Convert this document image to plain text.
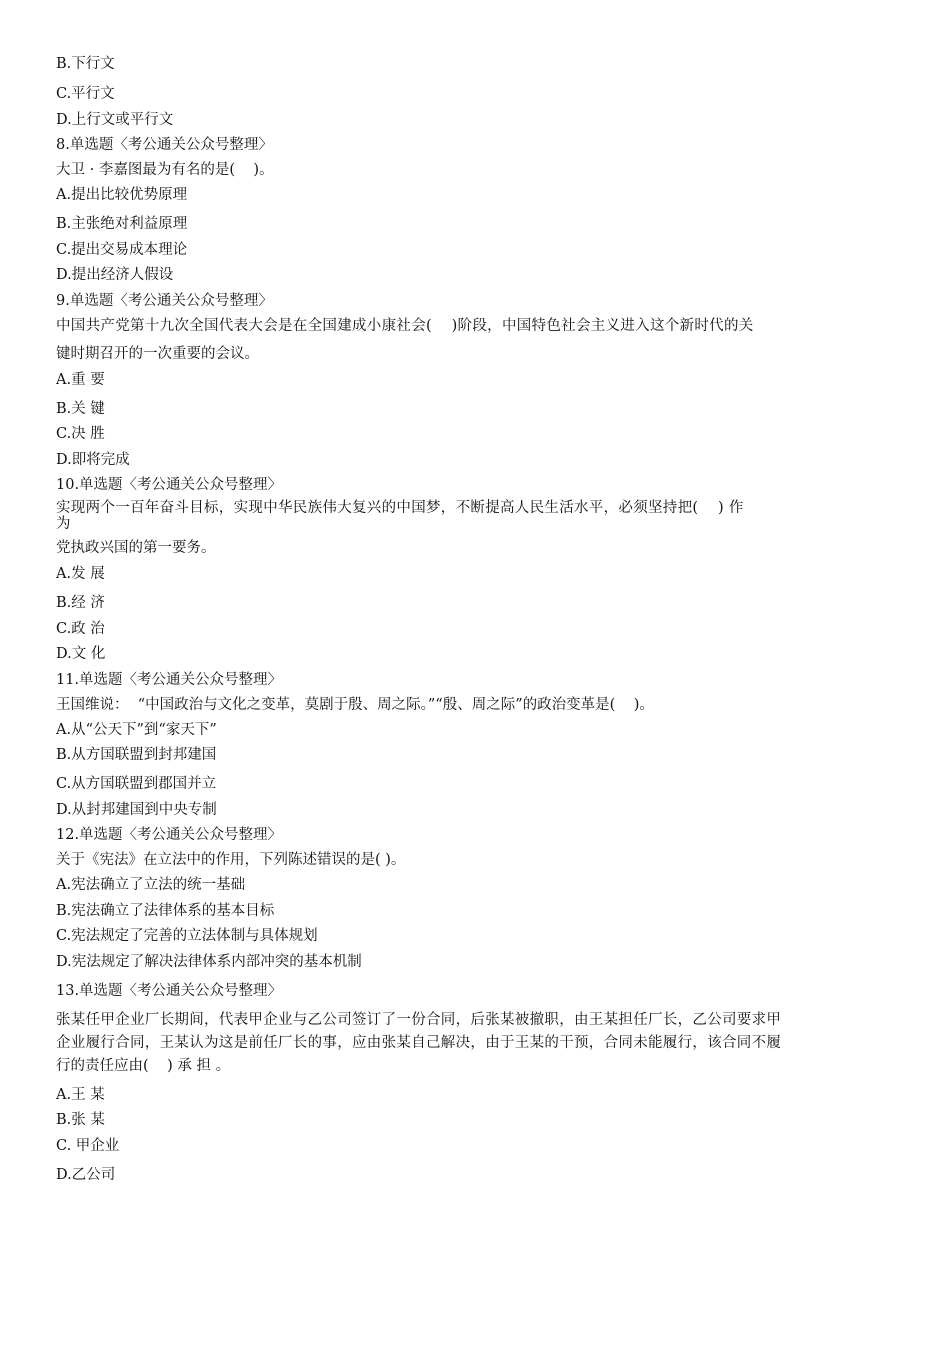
B.下行文
C.平行文
D.上行文或平行文
8.单选题〈考公通关公众号整理〉
大卫 · 李嘉图最为有名的是(    )。
A.提出比较优势原理
B.主张绝对利益原理
C.提出交易成本理论
D.提出经济人假设
9.单选题〈考公通关公众号整理〉
中国共产党第十九次全国代表大会是在全国建成小康社会(    )阶段，中国特色社会主义进入这个新时代的关
键时期召开的一次重要的会议。
A.重 要
B.关 键
C.决 胜
D.即将完成
10.单选题〈考公通关公众号整理〉
实现两个一百年奋斗目标，实现中华民族伟大复兴的中国梦，不断提高人民生活水平，必须坚持把(    ) 作
为
党执政兴国的第一要务。
A.发 展
B.经 济
C.政 治
D.文 化
11.单选题〈考公通关公众号整理〉
王国维说：  “中国政治与文化之变革，莫剧于殷、周之际。”“殷、周之际”的政治变革是(    )。
A.从“公天下”到“家天下”
B.从方国联盟到封邦建国
C.从方国联盟到郡国并立
D.从封邦建国到中央专制
12.单选题〈考公通关公众号整理〉
关于《宪法》在立法中的作用，下列陈述错误的是( )。
A.宪法确立了立法的统一基础
B.宪法确立了法律体系的基本目标
C.宪法规定了完善的立法体制与具体规划
D.宪法规定了解决法律体系内部冲突的基本机制
13.单选题〈考公通关公众号整理〉
张某任甲企业厂长期间，代表甲企业与乙公司签订了一份合同，后张某被撤职，由王某担任厂长，乙公司要求甲
企业履行合同，王某认为这是前任厂长的事，应由张某自己解决，由于王某的干预，合同未能履行，该合同不履
行的责任应由(    ) 承 担 。
A.王 某
B.张 某
C. 甲企业
D.乙公司
